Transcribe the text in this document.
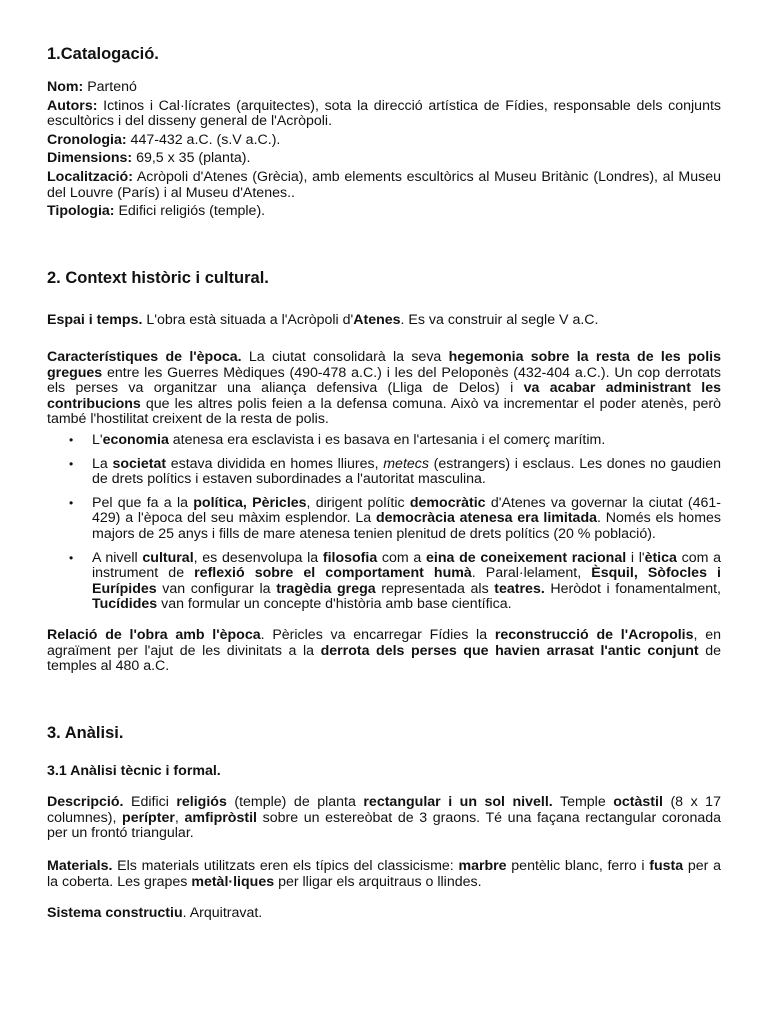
1.Catalogació.
Nom: Partenó
Autors: Ictinos i Cal·lícrates (arquitectes), sota la direcció artística de Fídies, responsable dels conjunts escultòrics i del disseny general de l'Acròpoli.
Cronologia: 447-432 a.C. (s.V a.C.).
Dimensions: 69,5 x 35 (planta).
Localització: Acròpoli d'Atenes (Grècia), amb elements escultòrics al Museu Britànic (Londres), al Museu del Louvre (París) i al Museu d'Atenes..
Tipologia: Edifici religiós (temple).
2. Context històric i cultural.

Espai i temps. L'obra està situada a l'Acròpoli d'Atenes. Es va construir al segle V a.C.

Característiques de l'època. La ciutat consolidarà la seva hegemonia sobre la resta de les polis gregues entre les Guerres Mèdiques (490-478 a.C.) i les del Peloponès (432-404 a.C.). Un cop derrotats els perses va organitzar una aliança defensiva (Lliga de Delos) i va acabar administrant les contribucions que les altres polis feien a la defensa comuna. Això va incrementar el poder atenès, però també l'hostilitat creixent de la resta de polis.

• L'economia atenesa era esclavista i es basava en l'artesania i el comerç marítim.
• La societat estava dividida en homes lliures, metecs (estrangers) i esclaus. Les dones no gaudien de drets polítics i estaven subordinades a l'autoritat masculina.
• Pel que fa a la política, Pèricles, dirigent polític democràtic d'Atenes va governar la ciutat (461-429) a l'època del seu màxim esplendor. La democràcia atenesa era limitada. Només els homes majors de 25 anys i fills de mare atenesa tenien plenitud de drets polítics (20 % població).
• A nivell cultural, es desenvolupa la filosofia com a eina de coneixement racional i l'ètica com a instrument de reflexió sobre el comportament humà. Paral·lelament, Èsquil, Sòfocles i Eurípides van configurar la tragèdia grega representada als teatres. Heròdot i fonamentalment, Tucídides van formular un concepte d'història amb base científica.

Relació de l'obra amb l'època. Pèricles va encarregar Fídies la reconstrucció de l'Acropolis, en agraïment per l'ajut de les divinitats a la derrota dels perses que havien arrasat l'antic conjunt de temples al 480 a.C.

3. Anàlisi.
3.1 Anàlisi tècnic i formal.

Descripció. Edifici religiós (temple) de planta rectangular i un sol nivell. Temple octàstil (8 x 17 columnes), perípter, amfipròstil sobre un estereòbat de 3 graons. Té una façana rectangular coronada per un frontó triangular.

Materials. Els materials utilitzats eren els típics del classicisme: marbre pentèlic blanc, ferro i fusta per a la coberta. Les grapes metàl·liques per lligar els arquitraus o llindes.

Sistema constructiu. Arquitravat.
